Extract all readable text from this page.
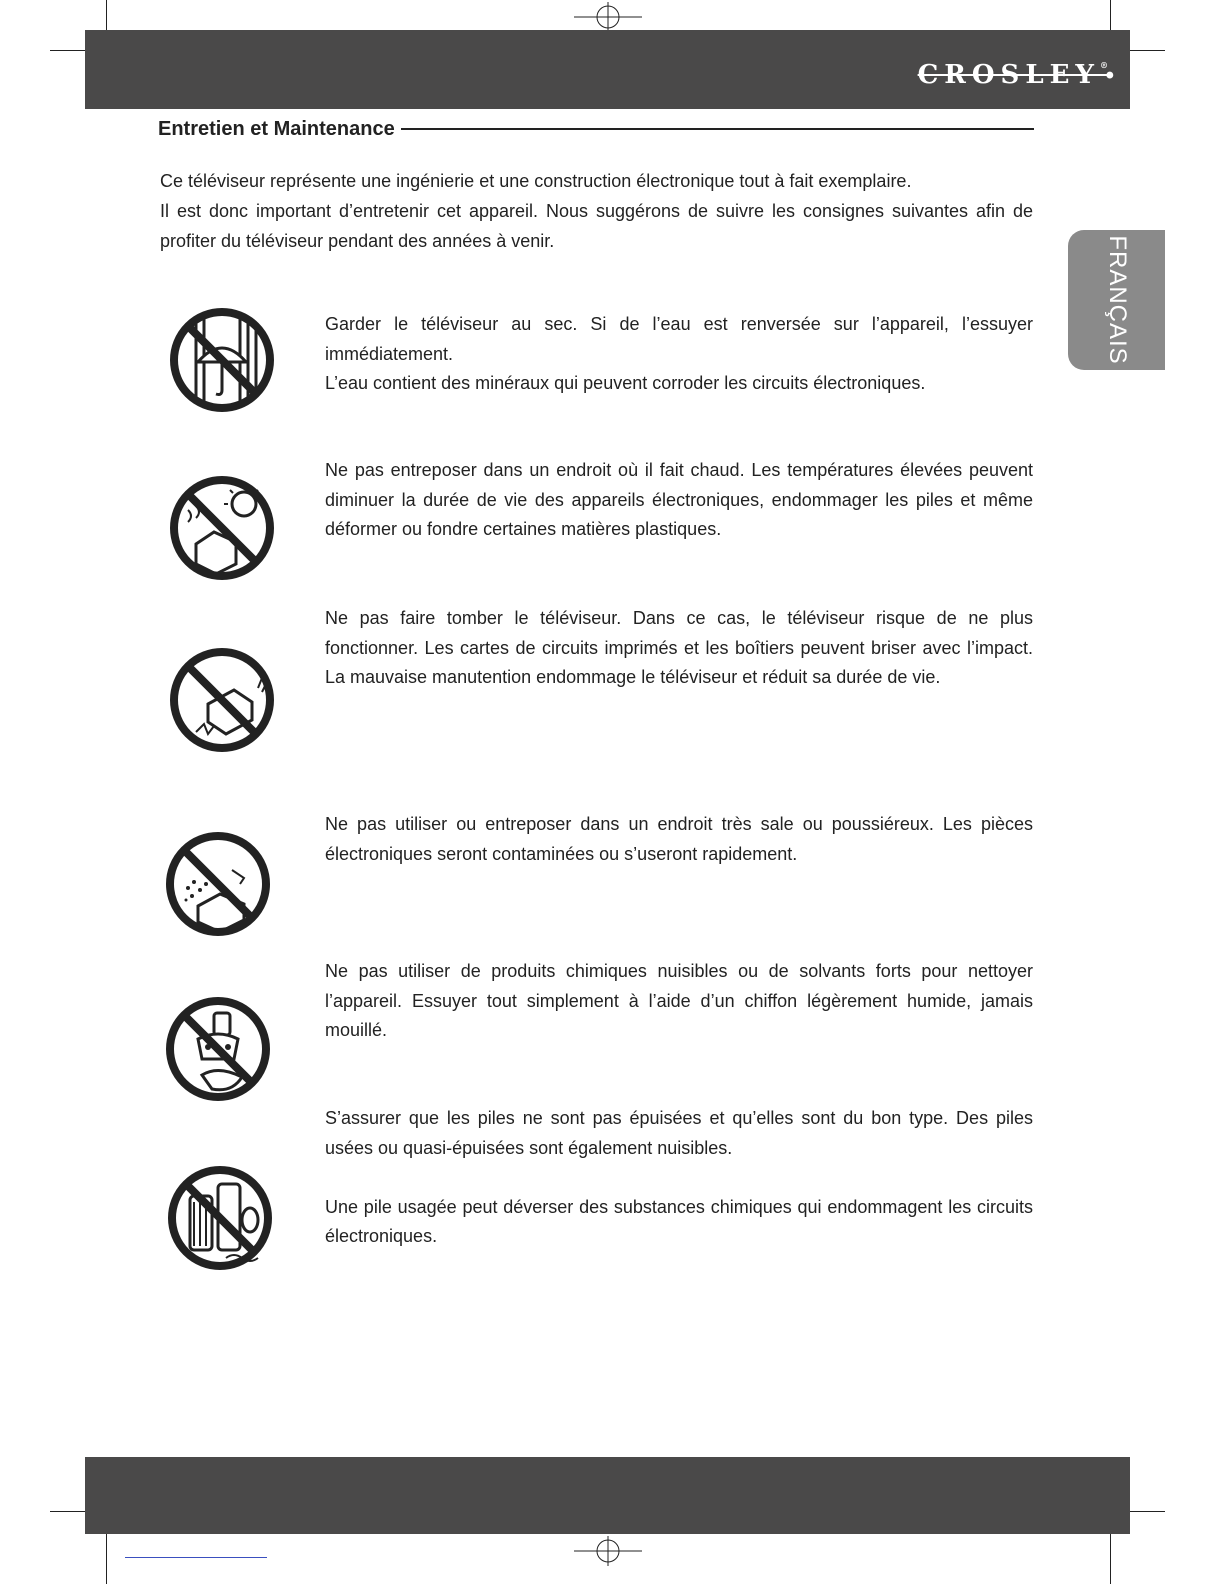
CROSLEY®
•
Entretien et Maintenance

Ce téléviseur représente une ingénierie et une construction électronique tout à fait exemplaire.

Il est donc important d’entretenir cet appareil. Nous suggérons de suivre les consignes suivantes afin de profiter du téléviseur pendant des années à venir.	FRANÇAIS

Garder le téléviseur au sec. Si de l’eau est renversée sur l’appareil, l’essuyer immédiatement.

L’eau contient des minéraux qui peuvent corroder les circuits électroniques.

Ne pas entreposer dans un endroit où il fait chaud. Les températures élevées peuvent diminuer la durée de vie des appareils électroniques, endommager les piles et même déformer ou fondre certaines matières plastiques.

Ne pas faire tomber le téléviseur. Dans ce cas, le téléviseur risque de ne plus fonctionner. Les cartes de circuits imprimés et les boîtiers peuvent briser avec l’impact. La mauvaise manutention endommage le téléviseur et réduit sa durée de vie.

Ne pas utiliser ou entreposer dans un endroit très sale ou poussiéreux. Les pièces électroniques seront contaminées ou s’useront rapidement.

Ne pas utiliser de produits chimiques nuisibles ou de solvants forts pour nettoyer l’appareil. Essuyer tout simplement à l’aide d’un chiffon légèrement humide, jamais mouillé.

S’assurer que les piles ne sont pas épuisées et qu’elles sont du bon type. Des piles usées ou quasi-épuisées sont également nuisibles.

Une pile usagée peut déverser des substances chimiques qui endommagent les circuits électroniques.
